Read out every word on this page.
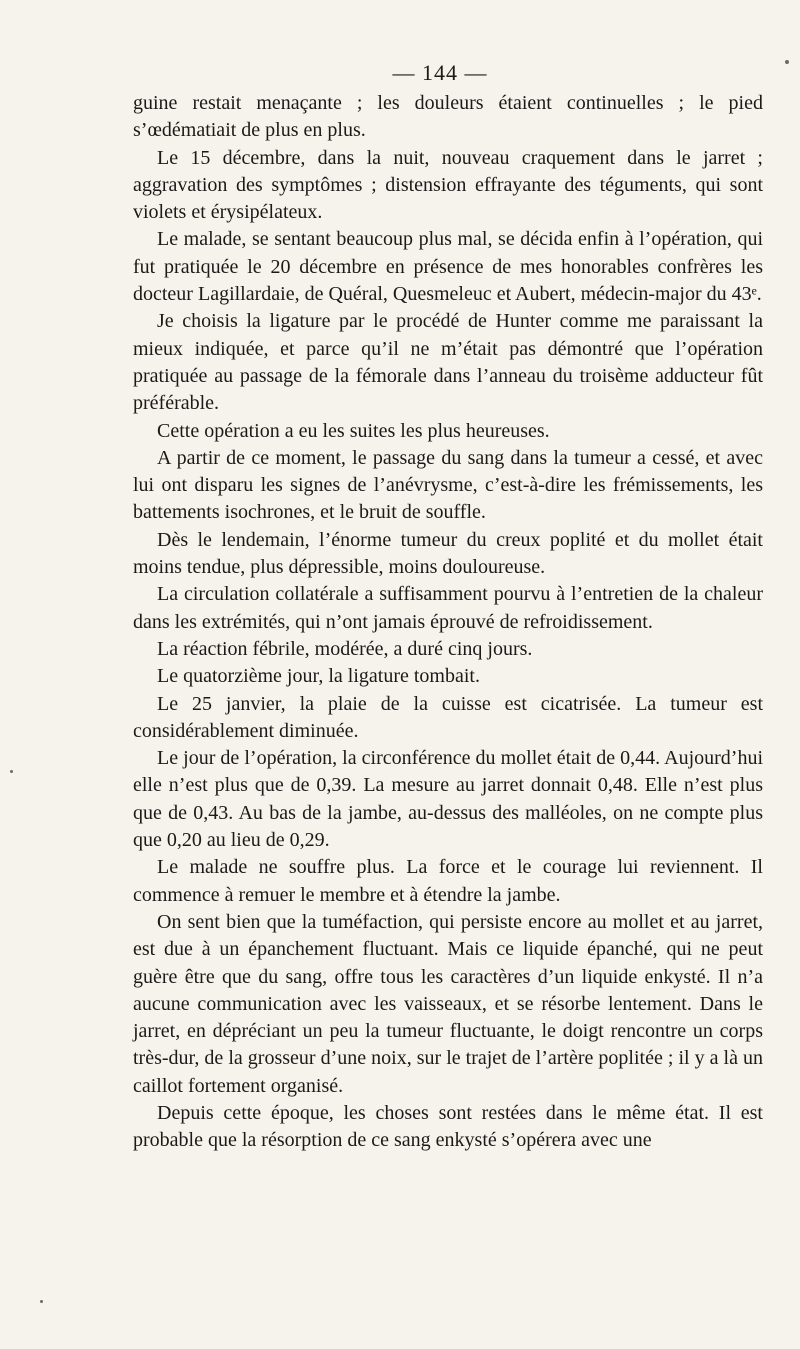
— 144 —

guine restait menaçante ; les douleurs étaient continuelles ; le pied s’œdématiait de plus en plus.

Le 15 décembre, dans la nuit, nouveau craquement dans le jarret ; aggravation des symptômes ; distension effrayante des téguments, qui sont violets et érysipélateux.

Le malade, se sentant beaucoup plus mal, se décida enfin à l’opération, qui fut pratiquée le 20 décembre en présence de mes honorables confrères les docteur Lagillardaie, de Quéral, Quesmeleuc et Aubert, médecin-major du 43ᵉ.

Je choisis la ligature par le procédé de Hunter comme me paraissant la mieux indiquée, et parce qu’il ne m’était pas démontré que l’opération pratiquée au passage de la fémorale dans l’anneau du troisème adducteur fût préférable.

Cette opération a eu les suites les plus heureuses.

A partir de ce moment, le passage du sang dans la tumeur a cessé, et avec lui ont disparu les signes de l’anévrysme, c’est-à-dire les frémissements, les battements isochrones, et le bruit de souffle.

Dès le lendemain, l’énorme tumeur du creux poplité et du mollet était moins tendue, plus dépressible, moins douloureuse.

La circulation collatérale a suffisamment pourvu à l’entretien de la chaleur dans les extrémités, qui n’ont jamais éprouvé de refroidissement.

La réaction fébrile, modérée, a duré cinq jours.

Le quatorzième jour, la ligature tombait.

Le 25 janvier, la plaie de la cuisse est cicatrisée. La tumeur est considérablement diminuée.

Le jour de l’opération, la circonférence du mollet était de 0,44. Aujourd’hui elle n’est plus que de 0,39. La mesure au jarret donnait 0,48. Elle n’est plus que de 0,43. Au bas de la jambe, au-dessus des malléoles, on ne compte plus que 0,20 au lieu de 0,29.

Le malade ne souffre plus. La force et le courage lui reviennent. Il commence à remuer le membre et à étendre la jambe.

On sent bien que la tuméfaction, qui persiste encore au mollet et au jarret, est due à un épanchement fluctuant. Mais ce liquide épanché, qui ne peut guère être que du sang, offre tous les caractères d’un liquide enkysté. Il n’a aucune communication avec les vaisseaux, et se résorbe lentement. Dans le jarret, en dépréciant un peu la tumeur fluctuante, le doigt rencontre un corps très-dur, de la grosseur d’une noix, sur le trajet de l’artère poplitée ; il y a là un caillot fortement organisé.

Depuis cette époque, les choses sont restées dans le même état. Il est probable que la résorption de ce sang enkysté s’opérera avec une
